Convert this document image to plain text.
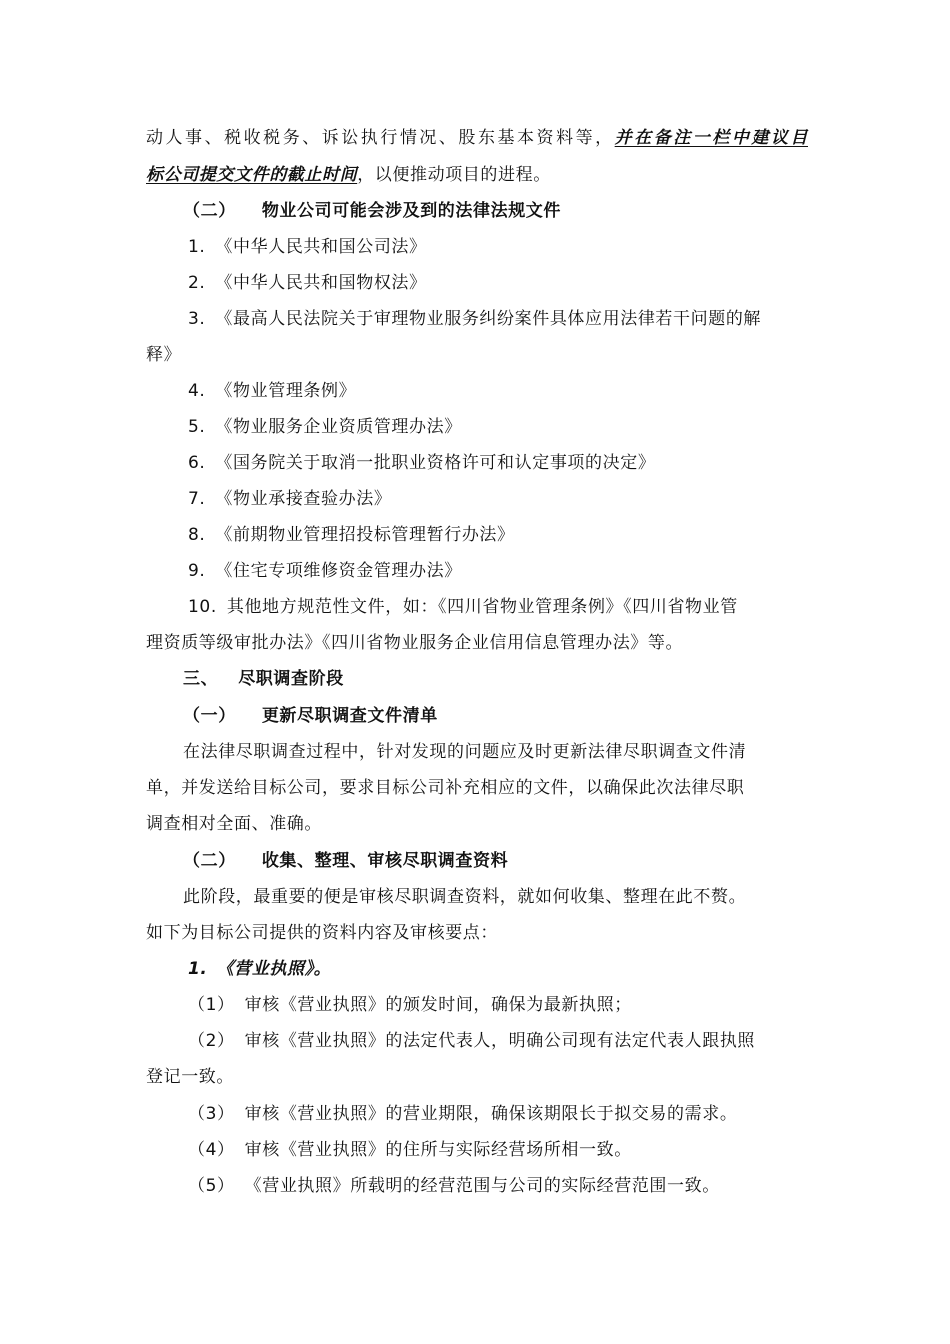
动人事、税收税务、诉讼执行情况、股东基本资料等，并在备注一栏中建议目
标公司提交文件的截止时间，以便推动项目的进程。
（二） 物业公司可能会涉及到的法律法规文件
1. 《中华人民共和国公司法》
2. 《中华人民共和国物权法》
3. 《最高人民法院关于审理物业服务纠纷案件具体应用法律若干问题的解
释》
4. 《物业管理条例》
5. 《物业服务企业资质管理办法》
6. 《国务院关于取消一批职业资格许可和认定事项的决定》
7. 《物业承接查验办法》
8. 《前期物业管理招投标管理暂行办法》
9. 《住宅专项维修资金管理办法》
10. 其他地方规范性文件，如：《四川省物业管理条例》《四川省物业管
理资质等级审批办法》《四川省物业服务企业信用信息管理办法》等。
三、 尽职调查阶段
（一） 更新尽职调查文件清单
在法律尽职调查过程中，针对发现的问题应及时更新法律尽职调查文件清
单，并发送给目标公司，要求目标公司补充相应的文件，以确保此次法律尽职
调查相对全面、准确。
（二） 收集、整理、审核尽职调查资料
此阶段，最重要的便是审核尽职调查资料，就如何收集、整理在此不赘。
如下为目标公司提供的资料内容及审核要点：
1.　《营业执照》。
（1） 审核《营业执照》的颁发时间，确保为最新执照；
（2） 审核《营业执照》的法定代表人，明确公司现有法定代表人跟执照
登记一致。
（3） 审核《营业执照》的营业期限，确保该期限长于拟交易的需求。
（4） 审核《营业执照》的住所与实际经营场所相一致。
（5） 《营业执照》所载明的经营范围与公司的实际经营范围一致。
